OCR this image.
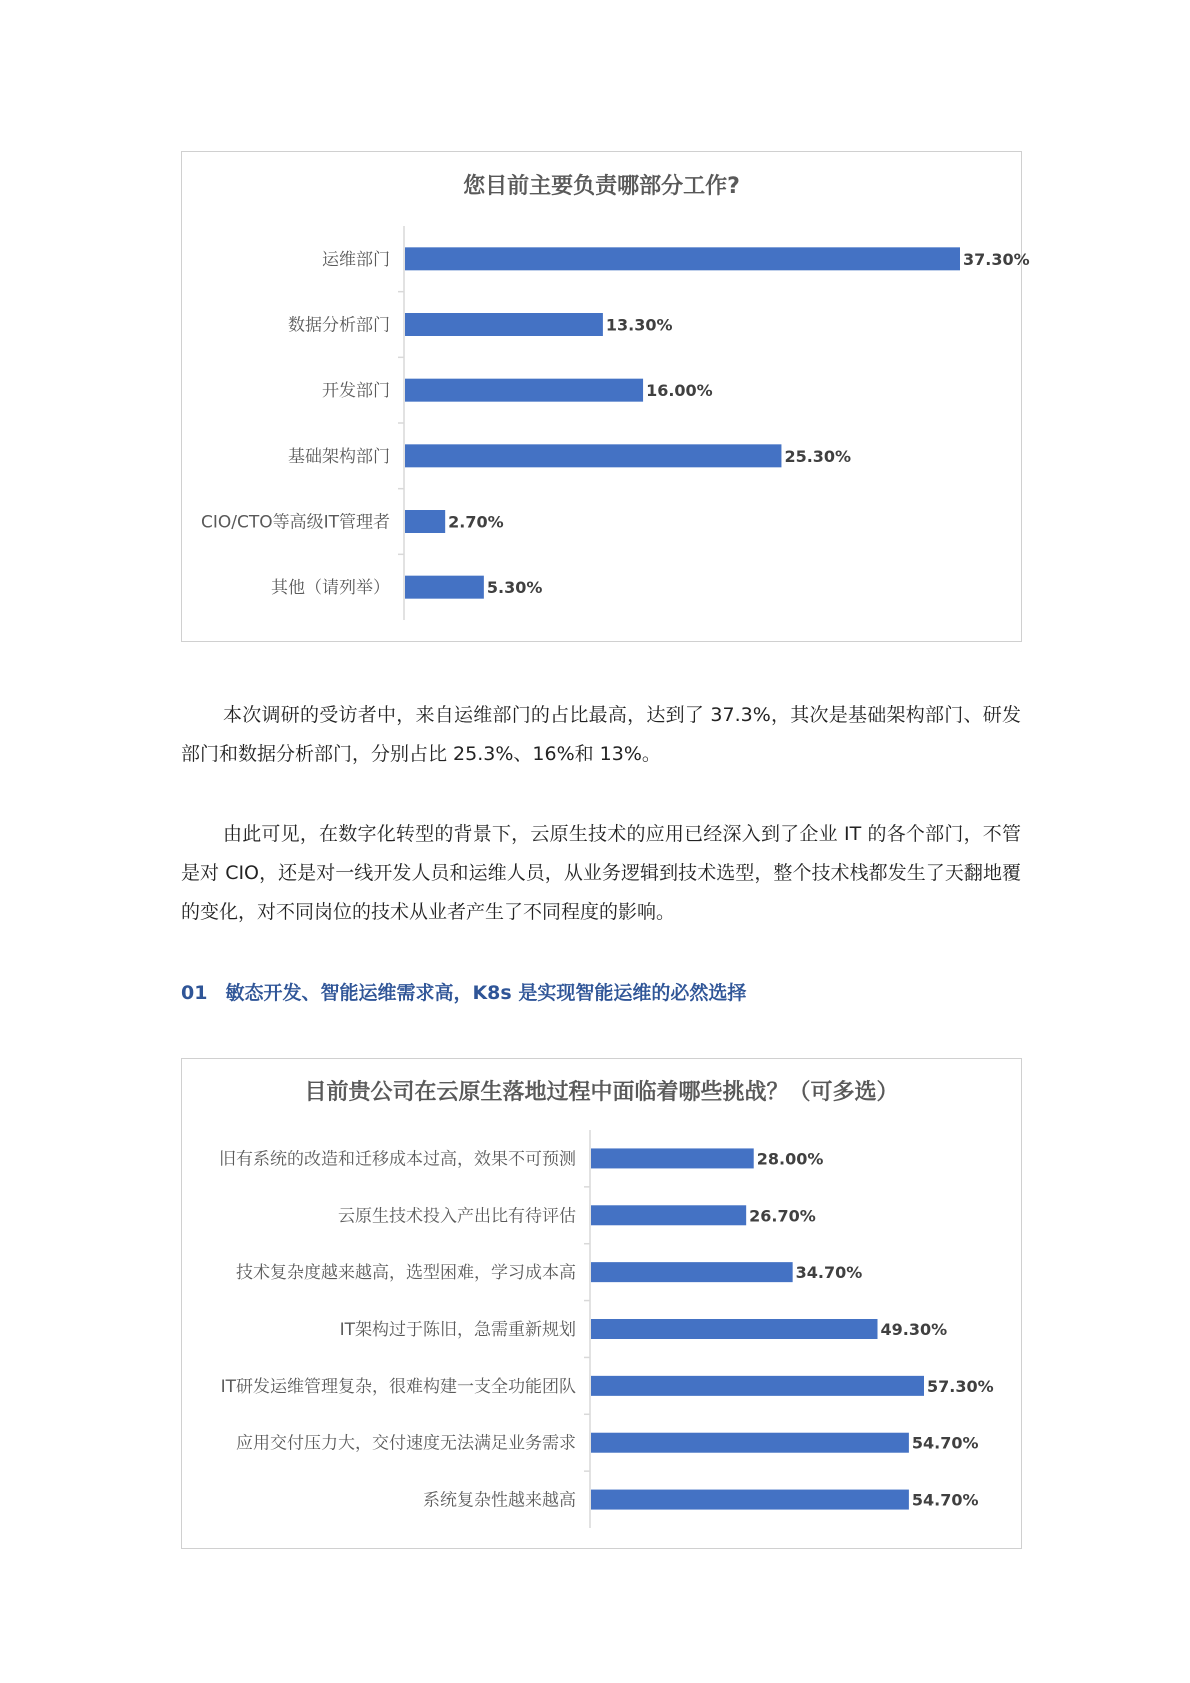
您目前主要负责哪部分工作?
运维部门	37.30%
数据分析部门	13.30%
开发部门	16.00%
基础架构部门	25.30%
CIO/CTO等高级IT管理者	2.70%
其他（请列举）	5.30%

本次调研的受访者中，来自运维部门的占比最高，达到了 37.3%，其次是基础架构部门、研发部门和数据分析部门，分别占比 25.3%、16%和 13%。

由此可见，在数字化转型的背景下，云原生技术的应用已经深入到了企业 IT 的各个部门，不管是对 CIO，还是对一线开发人员和运维人员，从业务逻辑到技术选型，整个技术栈都发生了天翻地覆的变化，对不同岗位的技术从业者产生了不同程度的影响。

01 敏态开发、智能运维需求高，K8s 是实现智能运维的必然选择
目前贵公司在云原生落地过程中面临着哪些挑战？（可多选）
旧有系统的改造和迁移成本过高，效果不可预测	28.00%
云原生技术投入产出比有待评估	26.70%
技术复杂度越来越高，选型困难，学习成本高	34.70%
IT架构过于陈旧，急需重新规划	49.30%
IT研发运维管理复杂，很难构建一支全功能团队	57.30%
应用交付压力大，交付速度无法满足业务需求	54.70%
系统复杂性越来越高	54.70%
